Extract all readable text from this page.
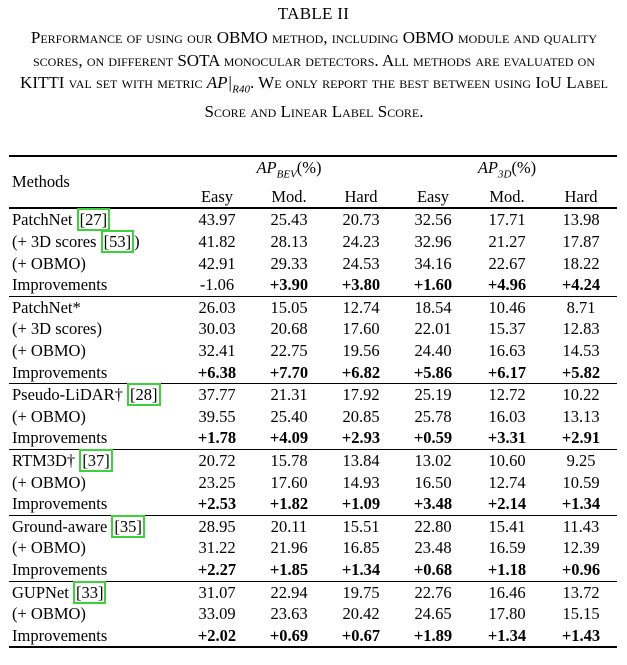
TABLE II
Performance of using our OBMO method, including OBMO module and quality scores, on different SOTA monocular detectors. All methods are evaluated on KITTI val set with metric $AP|_{R40}$. We only report the best between using IoU Label Score and Linear Label Score.
Methods	$AP_{BEV}(\%)$			$AP_{3D}(\%)$		
	Easy	Mod.	Hard	Easy	Mod.	Hard
PatchNet [27]	43.97	25.43	20.73	32.56	17.71	13.98
(+ 3D scores [53] )	41.82	28.13	24.23	32.96	21.27	17.87
(+ OBMO)	42.91	29.33	24.53	34.16	22.67	18.22
Improvements	-1.06	+3.90	+3.80	+1.60	+4.96	+4.24
PatchNet*	26.03	15.05	12.74	18.54	10.46	8.71
(+ 3D scores)	30.03	20.68	17.60	22.01	15.37	12.83
(+ OBMO)	32.41	22.75	19.56	24.40	16.63	14.53
Improvements	+6.38	+7.70	+6.82	+5.86	+6.17	+5.82
Pseudo-LiDAR† [28]	37.77	21.31	17.92	25.19	12.72	10.22
(+ OBMO)	39.55	25.40	20.85	25.78	16.03	13.13
Improvements	+1.78	+4.09	+2.93	+0.59	+3.31	+2.91
RTM3D† [37]	20.72	15.78	13.84	13.02	10.60	9.25
(+ OBMO)	23.25	17.60	14.93	16.50	12.74	10.59
Improvements	+2.53	+1.82	+1.09	+3.48	+2.14	+1.34
Ground-aware [35]	28.95	20.11	15.51	22.80	15.41	11.43
(+ OBMO)	31.22	21.96	16.85	23.48	16.59	12.39
Improvements	+2.27	+1.85	+1.34	+0.68	+1.18	+0.96
GUPNet [33]	31.07	22.94	19.75	22.76	16.46	13.72
(+ OBMO)	33.09	23.63	20.42	24.65	17.80	15.15
Improvements	+2.02	+0.69	+0.67	+1.89	+1.34	+1.43
